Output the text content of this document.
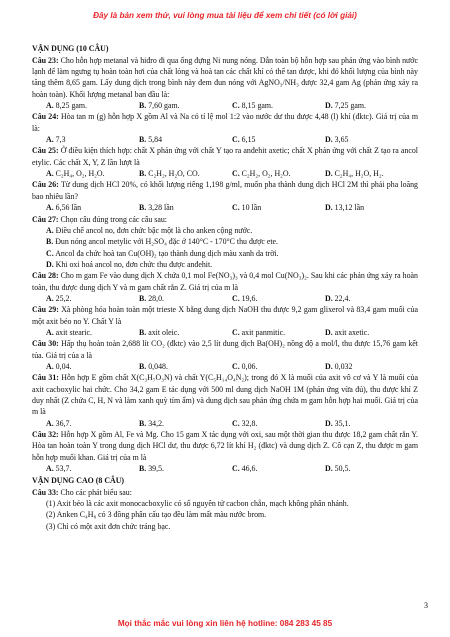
Đây là bản xem thử, vui lòng mua tài liệu để xem chi tiết (có lời giải)
VẬN DỤNG (10 CÂU)
Câu 23: Cho hỗn hợp metanal và hiđro đi qua ống đựng Ni nung nóng. Dẫn toàn bộ hỗn hợp sau phản ứng vào bình nước lạnh để làm ngưng tụ hoàn toàn hơi của chất lỏng và hoà tan các chất khí có thể tan được, khi đó khối lượng của bình này tăng thêm 8,65 gam. Lấy dung dịch trong bình này đem đun nóng với AgNO₃/NH₃ được 32,4 gam Ag (phản ứng xảy ra hoàn toàn). Khối lượng metanal ban đầu là:
A. 8,25 gam.	B. 7,60 gam.	C. 8,15 gam.	D. 7,25 gam.
Câu 24: Hòa tan m (g) hỗn hợp X gồm Al và Na có tỉ lệ mol 1:2 vào nước dư thu được 4,48 (l) khí (đktc). Giá trị của m là:
A. 7,3	B. 5,84	C. 6,15	D. 3,65
Câu 25: Ở điều kiện thích hợp: chất X phản ứng với chất Y tạo ra anđehit axetic; chất X phản ứng với chất Z tạo ra ancol etylic. Các chất X, Y, Z lần lượt là
A. C₂H₄, O₂, H₂O.	B. C₂H₂, H₂O, CO.	C. C₂H₂, O₂, H₂O.	D. C₂H₄, H₂O, H₂.
Câu 26: Từ dung dịch HCl 20%, có khối lượng riêng 1,198 g/ml, muốn pha thành dung dịch HCl 2M thì phải pha loãng bao nhiêu lần?
A. 6,56 lần	B. 3,28 lần	C. 10 lần	D. 13,12 lần
Câu 27: Chọn câu đúng trong các câu sau:
A. Điều chế ancol no, đơn chức bậc một là cho anken cộng nước.
B. Đun nóng ancol metylic với H₂SO₄ đặc ở 140°C - 170°C thu được ete.
C. Ancol đa chức hoà tan Cu(OH)₂ tạo thành dung dịch màu xanh da trời.
D. Khi oxi hoá ancol no, đơn chức thu được anđehit.
Câu 28: Cho m gam Fe vào dung dịch X chứa 0,1 mol Fe(NO₃)₃ và 0,4 mol Cu(NO₃)₂. Sau khi các phản ứng xảy ra hoàn toàn, thu được dung dịch Y và m gam chất rắn Z. Giá trị của m là
A. 25,2.	B. 28,0.	C. 19,6.	D. 22,4.
Câu 29: Xà phòng hóa hoàn toàn một trieste X bằng dung dịch NaOH thu được 9,2 gam glixerol và 83,4 gam muối của một axit béo no Y. Chất Y là
A. axit stearic.	B. axit oleic.	C. axit panmitic.	D. axit axetic.
Câu 30: Hấp thụ hoàn toàn 2,688 lít CO₂ (đktc) vào 2,5 lít dung dịch Ba(OH)₂ nồng độ a mol/l, thu được 15,76 gam kết tủa. Giá trị của a là
A. 0,04.	B. 0,048.	C. 0,06.	D. 0,032
Câu 31: Hỗn hợp E gồm chất X(C₃H₇O₃N) và chất Y(C₅H₁₄O₄N₂); trong đó X là muối của axit vô cơ và Y là muối của axit cacboxylic hai chức. Cho 34,2 gam E tác dụng với 500 ml dung dịch NaOH 1M (phản ứng vừa đủ), thu được khí Z duy nhất (Z chứa C, H, N và làm xanh quỳ tím ẩm) và dung dịch sau phản ứng chứa m gam hỗn hợp hai muối. Giá trị của m là
A. 36,7.	B. 34,2.	C. 32,8.	D. 35,1.
Câu 32: Hỗn hợp X gồm Al, Fe và Mg. Cho 15 gam X tác dụng với oxi, sau một thời gian thu được 18,2 gam chất rắn Y. Hòa tan hoàn toàn Y trong dung dịch HCl dư, thu được 6,72 lít khí H₂ (đktc) và dung dịch Z. Cô cạn Z, thu được m gam hỗn hợp muối khan. Giá trị của m là
A. 53,7.	B. 39,5.	C. 46,6.	D. 50,5.
VẬN DỤNG CAO (8 CÂU)
Câu 33: Cho các phát biểu sau:
(1) Axit béo là các axit monocacboxylic có số nguyên tử cacbon chẵn, mạch không phân nhánh.
(2) Anken C₄H₈ có 3 đồng phân cấu tạo đều làm mất màu nước brom.
(3) Chỉ có một axit đơn chức tráng bạc.
3
Mọi thắc mắc vui lòng xin liên hệ hotline: 084 283 45 85
